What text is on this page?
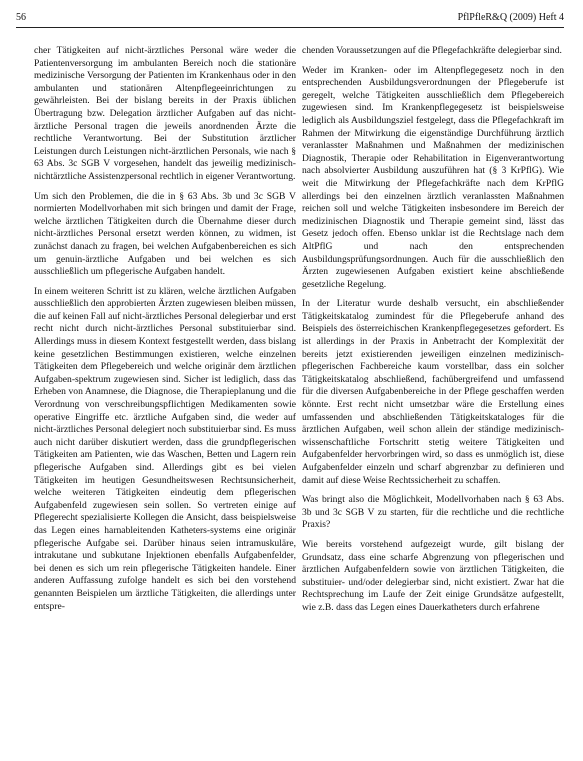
56	PflPfleR&Q (2009) Heft 4

cher Tätigkeiten auf nicht-ärztliches Personal wäre weder die Patientenversorgung im ambulanten Bereich noch die stationäre medizinische Versorgung der Patienten im Krankenhaus oder in den ambulanten und stationären Altenpflegeeinrichtungen zu gewährleisten. Bei der bislang bereits in der Praxis üblichen Übertragung bzw. Delegation ärztlicher Aufgaben auf das nicht-ärztliche Personal tragen die jeweils anordnenden Ärzte die rechtliche Verantwortung. Bei der Substitution ärztlicher Leistungen durch Leistungen nicht-ärztlichen Personals, wie nach § 63 Abs. 3c SGB V vorgesehen, handelt das jeweilig medizinisch-nichtärztliche Assistenzpersonal rechtlich in eigener Verantwortung.

Um sich den Problemen, die die in § 63 Abs. 3b und 3c SGB V normierten Modellvorhaben mit sich bringen und damit der Frage, welche ärztlichen Tätigkeiten durch die Übernahme dieser durch nicht-ärztliches Personal ersetzt werden können, zu widmen, ist zunächst danach zu fragen, bei welchen Aufgabenbereichen es sich um genuin-ärztliche Aufgaben und bei welchen es sich ausschließlich um pflegerische Aufgaben handelt.

In einem weiteren Schritt ist zu klären, welche ärztlichen Aufgaben ausschließlich den approbierten Ärzten zugewiesen bleiben müssen, die auf keinen Fall auf nicht-ärztliches Personal delegierbar und erst recht nicht durch nicht-ärztliches Personal substituierbar sind. Allerdings muss in diesem Kontext festgestellt werden, dass bislang keine gesetzlichen Bestimmungen existieren, welche einzelnen Tätigkeiten dem Pflegebereich und welche originär dem ärztlichen Aufgaben-spektrum zugewiesen sind. Sicher ist lediglich, dass das Erheben von Anamnese, die Diagnose, die Therapieplanung und die Verordnung von verschreibungspflichtigen Medikamenten sowie operative Eingriffe etc. ärztliche Aufgaben sind, die weder auf nicht-ärztliches Personal delegiert noch substituierbar sind. Es muss auch nicht darüber diskutiert werden, dass die grundpflegerischen Tätigkeiten am Patienten, wie das Waschen, Betten und Lagern rein pflegerische Aufgaben sind. Allerdings gibt es bei vielen Tätigkeiten im heutigen Gesundheitswesen Rechtsunsicherheit, welche weiteren Tätigkeiten eindeutig dem pflegerischen Aufgabenfeld zugewiesen sein sollen. So vertreten einige auf Pflegerecht spezialisierte Kollegen die Ansicht, dass beispielsweise das Legen eines harnableitenden Katheters-systems eine originär pflegerische Aufgabe sei. Darüber hinaus seien intramuskuläre, intrakutane und subkutane Injektionen ebenfalls Aufgabenfelder, bei denen es sich um rein pflegerische Tätigkeiten handele. Einer anderen Auffassung zufolge handelt es sich bei den vorstehend genannten Beispielen um ärztliche Tätigkeiten, die allerdings unter entspre-

chenden Voraussetzungen auf die Pflegefachkräfte delegierbar sind.

Weder im Kranken- oder im Altenpflegegesetz noch in den entsprechenden Ausbildungsverordnungen der Pflegeberufe ist geregelt, welche Tätigkeiten ausschließlich dem Pflegebereich zugewiesen sind. Im Krankenpflegegesetz ist beispielsweise lediglich als Ausbildungsziel festgelegt, dass die Pflegefachkraft im Rahmen der Mitwirkung die eigenständige Durchführung ärztlich veranlasster Maßnahmen und Maßnahmen der medizinischen Diagnostik, Therapie oder Rehabilitation in Eigenverantwortung nach absolvierter Ausbildung auszuführen hat (§ 3 KrPflG). Wie weit die Mitwirkung der Pflegefachkräfte nach dem KrPflG allerdings bei den einzelnen ärztlich veranlassten Maßnahmen reichen soll und welche Tätigkeiten insbesondere im Bereich der medizinischen Diagnostik und Therapie gemeint sind, lässt das Gesetz jedoch offen. Ebenso unklar ist die Rechtslage nach dem AltPflG und nach den entsprechenden Ausbildungsprüfungsordnungen. Auch für die ausschließlich den Ärzten zugewiesenen Aufgaben existiert keine abschließende gesetzliche Regelung.

In der Literatur wurde deshalb versucht, ein abschließender Tätigkeitskatalog zumindest für die Pflegeberufe anhand des Beispiels des österreichischen Krankenpflegegesetzes gefordert. Es ist allerdings in der Praxis in Anbetracht der Komplexität der bereits jetzt existierenden jeweiligen einzelnen medizinisch-pflegerischen Fachbereiche kaum vorstellbar, dass ein solcher Tätigkeitskatalog abschließend, fachübergreifend und umfassend für die diversen Aufgabenbereiche in der Pflege geschaffen werden könnte. Erst recht nicht umsetzbar wäre die Erstellung eines umfassenden und abschließenden Tätigkeitskataloges für die ärztlichen Aufgaben, weil schon allein der ständige medizinisch-wissenschaftliche Fortschritt stetig weitere Tätigkeiten und Aufgabenfelder hervorbringen wird, so dass es unmöglich ist, diese Aufgabenfelder einzeln und scharf abgrenzbar zu definieren und damit auf diese Weise Rechtssicherheit zu schaffen.

Was bringt also die Möglichkeit, Modellvorhaben nach § 63 Abs. 3b und 3c SGB V zu starten, für die rechtliche und die rechtliche Praxis?

Wie bereits vorstehend aufgezeigt wurde, gilt bislang der Grundsatz, dass eine scharfe Abgrenzung von pflegerischen und ärztlichen Aufgabenfeldern sowie von ärztlichen Tätigkeiten, die substituier- und/oder delegierbar sind, nicht existiert. Zwar hat die Rechtsprechung im Laufe der Zeit einige Grundsätze aufgestellt, wie z.B. dass das Legen eines Dauerkatheters durch erfahrene
